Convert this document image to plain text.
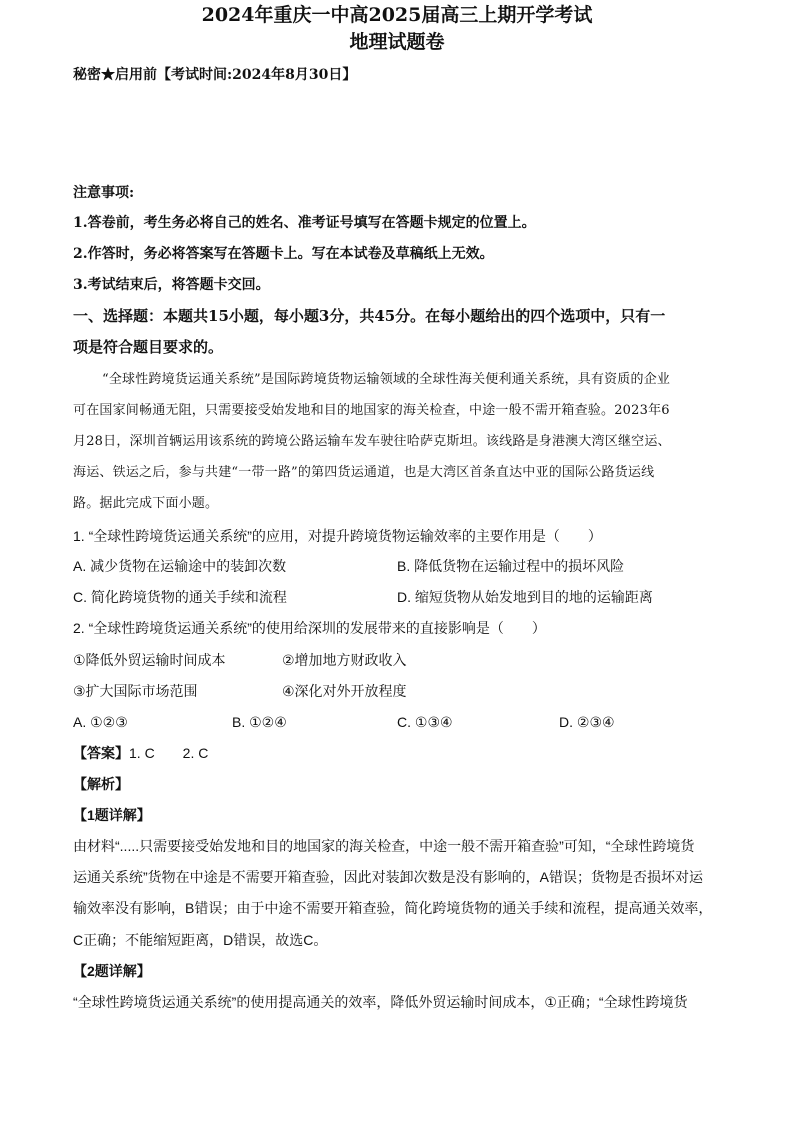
秘密★启用前【考试时间:2024年8月30日】
2024年重庆一中高2025届高三上期开学考试
地理试题卷
注意事项:
1.答卷前，考生务必将自己的姓名、准考证号填写在答题卡规定的位置上。
2.作答时，务必将答案写在答题卡上。写在本试卷及草稿纸上无效。
3.考试结束后，将答题卡交回。
一、选择题：本题共15小题，每小题3分，共45分。在每小题给出的四个选项中，只有一
项是符合题目要求的。
“全球性跨境货运通关系统”是国际跨境货物运输领域的全球性海关便利通关系统，具有资质的企业
可在国家间畅通无阻，只需要接受始发地和目的地国家的海关检查，中途一般不需开箱查验。2023年6
月28日，深圳首辆运用该系统的跨境公路运输车发车驶往哈萨克斯坦。该线路是身港澳大湾区继空运、
海运、铁运之后，参与共建“一带一路”的第四货运通道，也是大湾区首条直达中亚的国际公路货运线
路。据此完成下面小题。
1. “全球性跨境货运通关系统”的应用，对提升跨境货物运输效率的主要作用是（　　）
A. 减少货物在运输途中的装卸次数	B. 降低货物在运输过程中的损坏风险
C. 简化跨境货物的通关手续和流程	D. 缩短货物从始发地到目的地的运输距离
2. “全球性跨境货运通关系统”的使用给深圳的发展带来的直接影响是（　　）
①降低外贸运输时间成本	②增加地方财政收入
③扩大国际市场范围	④深化对外开放程度
A. ①②③	B. ①②④	C. ①③④	D. ②③④
【答案】1. C　　2. C
【解析】
【1题详解】
由材料“.....只需要接受始发地和目的地国家的海关检查，中途一般不需开箱查验”可知，“全球性跨境货
运通关系统”货物在中途是不需要开箱查验，因此对装卸次数是没有影响的，A错误；货物是否损坏对运
输效率没有影响，B错误；由于中途不需要开箱查验，简化跨境货物的通关手续和流程，提高通关效率，
C正确；不能缩短距离，D错误，故选C。
【2题详解】
“全球性跨境货运通关系统”的使用提高通关的效率，降低外贸运输时间成本，①正确；“全球性跨境货
